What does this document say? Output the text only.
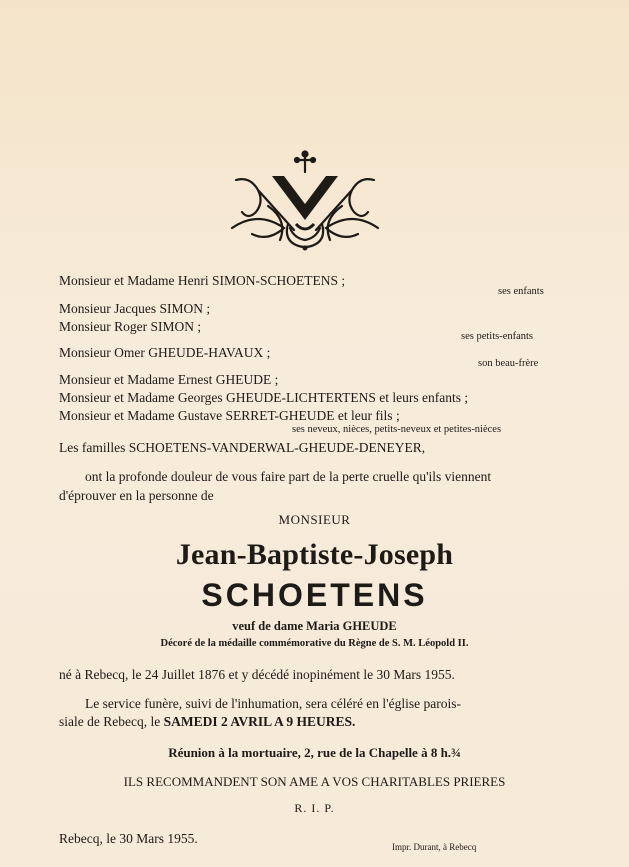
Monsieur et Madame Henri SIMON-SCHOETENS ;
ses enfants
Monsieur Jacques SIMON ;
Monsieur Roger SIMON ;
ses petits-enfants
Monsieur Omer GHEUDE-HAVAUX ;
son beau-frère
Monsieur et Madame Ernest GHEUDE ;
Monsieur et Madame Georges GHEUDE-LICHTERTENS et leurs enfants ;
Monsieur et Madame Gustave SERRET-GHEUDE et leur fils ;
ses neveux, nièces, petits-neveux et petites-nièces
Les familles SCHOETENS-VANDERWAL-GHEUDE-DENEYER,
ont la profonde douleur de vous faire part de la perte cruelle qu'ils viennent
d'éprouver en la personne de
MONSIEUR
Jean-Baptiste-Joseph
SCHOETENS
veuf de dame Maria GHEUDE
Décoré de la médaille commémorative du Règne de S. M. Léopold II.
né à Rebecq, le 24 Juillet 1876 et y décédé inopinément le 30 Mars 1955.
Le service funère, suivi de l'inhumation, sera céléré en l'église parois-
siale de Rebecq, le SAMEDI 2 AVRIL A 9 HEURES.
Réunion à la mortuaire, 2, rue de la Chapelle à 8 h.¾
ILS RECOMMANDENT SON AME A VOS CHARITABLES PRIERES
R. I. P.
Rebecq, le 30 Mars 1955.
Impr. Durant, à Rebecq
